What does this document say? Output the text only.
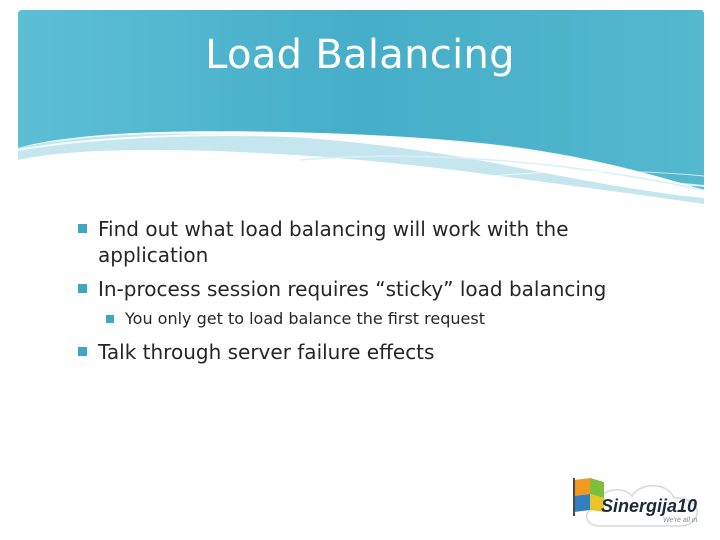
Load Balancing
Find out what load balancing will work with the application
In-process session requires “sticky” load balancing
You only get to load balance the first request
Talk through server failure effects
Sinergija10
We're all in.
